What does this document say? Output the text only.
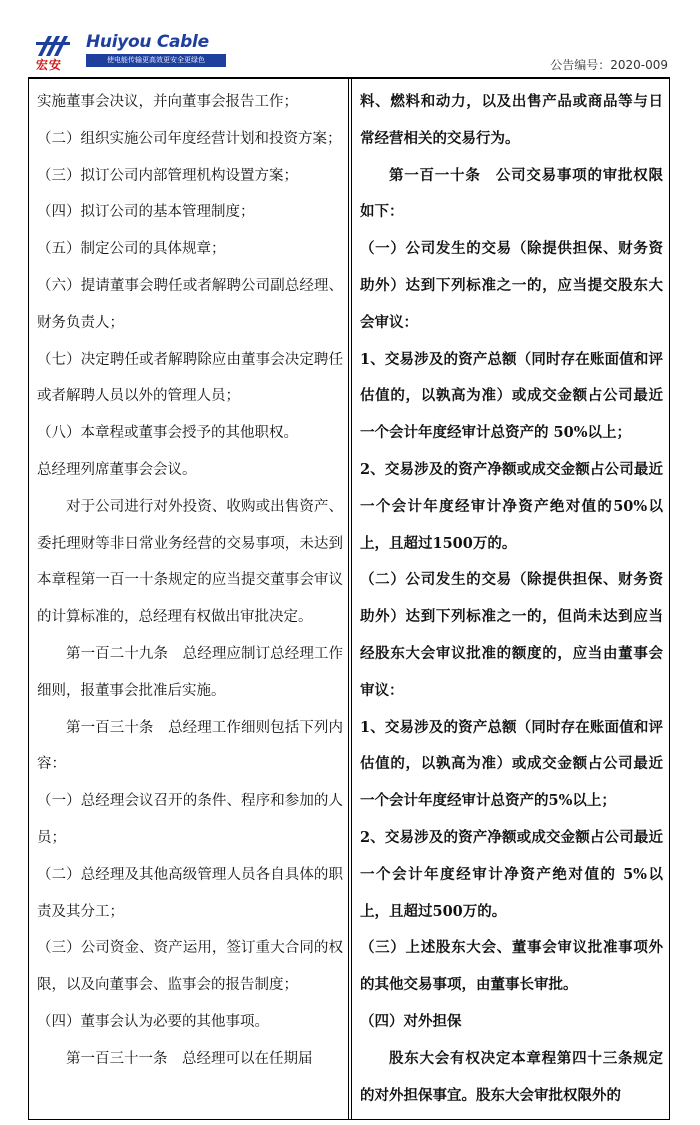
宏安
Huiyou Cable
使电能传输更高效更安全更绿色	公告编号：2020-009

实施董事会决议，并向董事会报告工作；

（二）组织实施公司年度经营计划和投资方案；

（三）拟订公司内部管理机构设置方案；

（四）拟订公司的基本管理制度；

（五）制定公司的具体规章；

（六）提请董事会聘任或者解聘公司副总经理、财务负责人；

（七）决定聘任或者解聘除应由董事会决定聘任或者解聘人员以外的管理人员；

（八）本章程或董事会授予的其他职权。

总经理列席董事会会议。

对于公司进行对外投资、收购或出售资产、委托理财等非日常业务经营的交易事项，未达到本章程第一百一十条规定的应当提交董事会审议的计算标准的，总经理有权做出审批决定。

第一百二十九条　总经理应制订总经理工作细则，报董事会批准后实施。

第一百三十条　总经理工作细则包括下列内容：

（一）总经理会议召开的条件、程序和参加的人员；

（二）总经理及其他高级管理人员各自具体的职责及其分工；

（三）公司资金、资产运用，签订重大合同的权限，以及向董事会、监事会的报告制度；

（四）董事会认为必要的其他事项。

第一百三十一条　总经理可以在任期届

料、燃料和动力，以及出售产品或商品等与日常经营相关的交易行为。

第一百一十条　公司交易事项的审批权限如下：

（一）公司发生的交易（除提供担保、财务资助外）达到下列标准之一的，应当提交股东大会审议：

1、交易涉及的资产总额（同时存在账面值和评估值的，以孰高为准）或成交金额占公司最近一个会计年度经审计总资产的 50%以上；

2、交易涉及的资产净额或成交金额占公司最近一个会计年度经审计净资产绝对值的50%以上，且超过1500万的。

（二）公司发生的交易（除提供担保、财务资助外）达到下列标准之一的，但尚未达到应当经股东大会审议批准的额度的，应当由董事会审议：

1、交易涉及的资产总额（同时存在账面值和评估值的，以孰高为准）或成交金额占公司最近一个会计年度经审计总资产的5%以上；

2、交易涉及的资产净额或成交金额占公司最近一个会计年度经审计净资产绝对值的 5%以上，且超过500万的。

（三）上述股东大会、董事会审议批准事项外的其他交易事项，由董事长审批。

（四）对外担保

股东大会有权决定本章程第四十三条规定的对外担保事宜。股东大会审批权限外的
